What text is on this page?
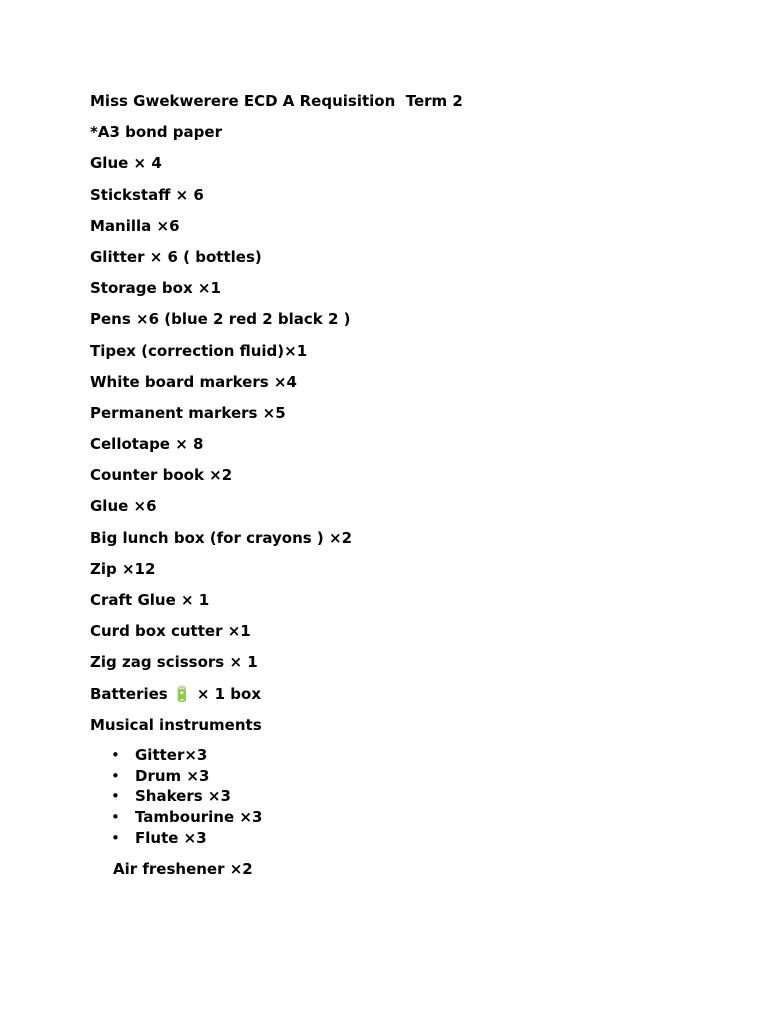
Miss Gwekwerere ECD A Requisition  Term 2
*A3 bond paper
Glue × 4
Stickstaff × 6
Manilla ×6
Glitter × 6 ( bottles)
Storage box ×1
Pens ×6 (blue 2 red 2 black 2 )
Tipex (correction fluid)×1
White board markers ×4
Permanent markers ×5
Cellotape × 8
Counter book ×2
Glue ×6
Big lunch box (for crayons ) ×2
Zip ×12
Craft Glue × 1
Curd box cutter ×1
Zig zag scissors × 1
Batteries 🔋 × 1 box
Musical instruments
• Gitter×3
• Drum ×3
• Shakers ×3
• Tambourine ×3
• Flute ×3
Air freshener ×2
